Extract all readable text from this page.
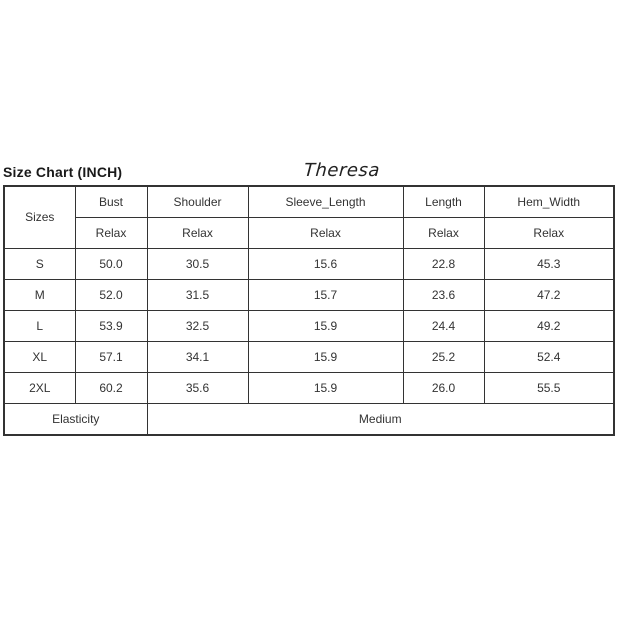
Size Chart (INCH)	Theresa
Sizes	Bust	Shoulder	Sleeve_Length	Length	Hem_Width
	Relax	Relax	Relax	Relax	Relax
S	50.0	30.5	15.6	22.8	45.3
M	52.0	31.5	15.7	23.6	47.2
L	53.9	32.5	15.9	24.4	49.2
XL	57.1	34.1	15.9	25.2	52.4
2XL	60.2	35.6	15.9	26.0	55.5
Elasticity		Medium			
